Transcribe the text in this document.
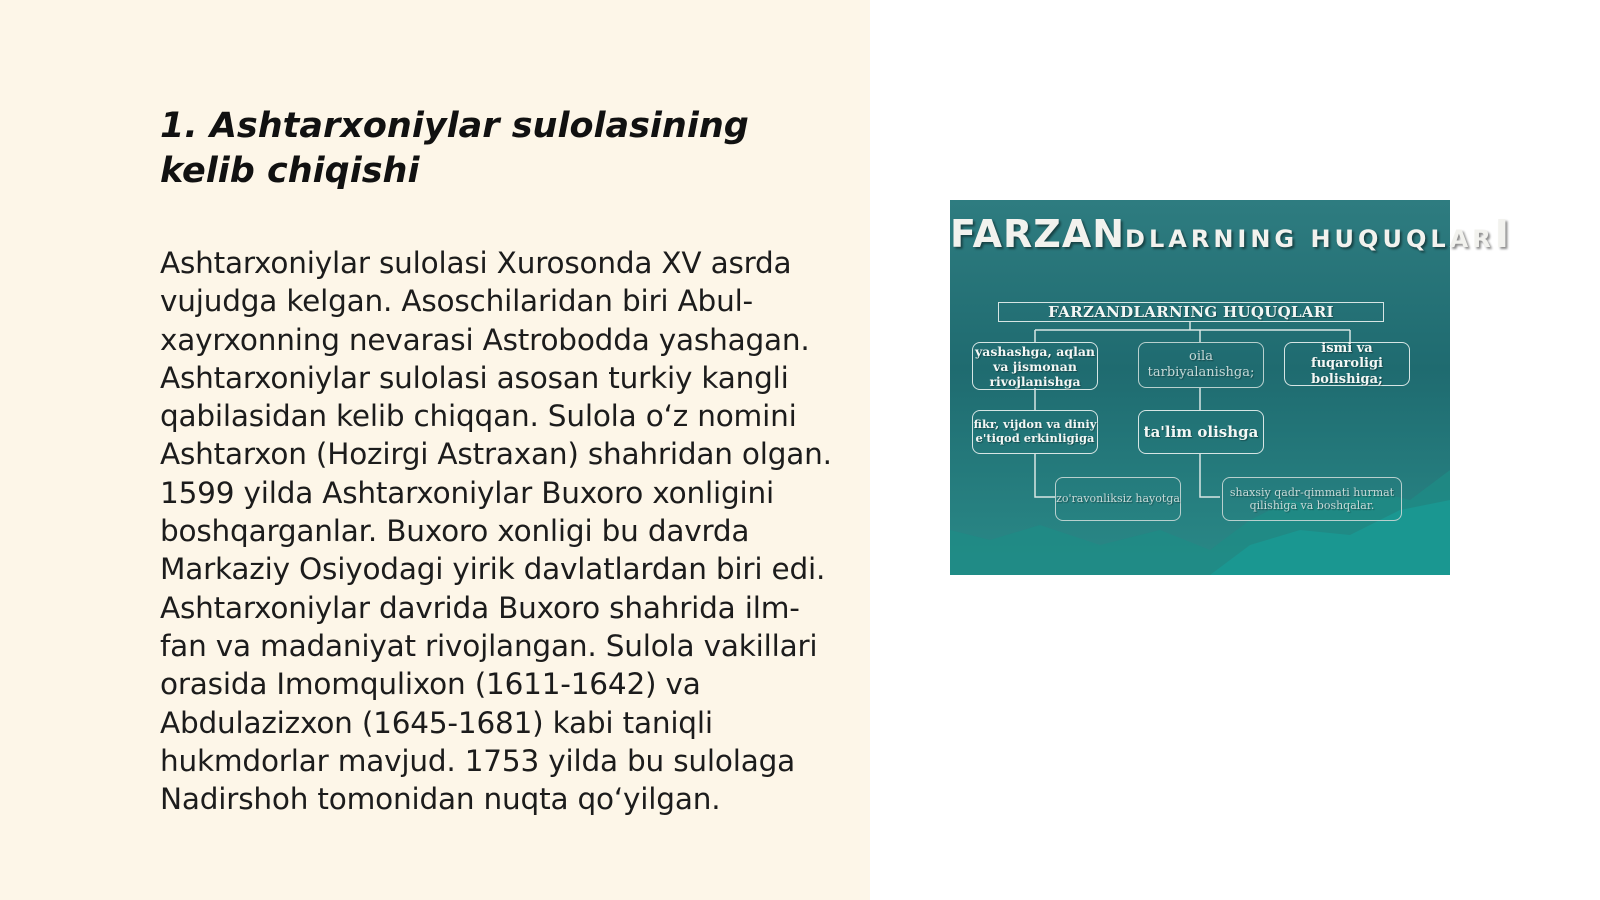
1. Ashtarxoniylar sulolasining kelib chiqishi

Ashtarxoniylar sulolasi Xurosonda XV asrda vujudga kelgan. Asoschilaridan biri Abul-xayrxonning nevarasi Astrobodda yashagan. Ashtarxoniylar sulolasi asosan turkiy kangli qabilasidan kelib chiqqan. Sulola o‘z nomini Ashtarxon (Hozirgi Astraxan) shahridan olgan. 1599 yilda Ashtarxoniylar Buxoro xonligini boshqarganlar. Buxoro xonligi bu davrda Markaziy Osiyodagi yirik davlatlardan biri edi. Ashtarxoniylar davrida Buxoro shahrida ilm-fan va madaniyat rivojlangan. Sulola vakillari orasida Imomqulixon (1611-1642) va Abdulazizxon (1645-1681) kabi taniqli hukmdorlar mavjud. 1753 yilda bu sulolaga Nadirshoh tomonidan nuqta qo‘yilgan.

FARZANDLARNING HUQUQLARI
FARZANDLARNING HUQUQLARI
yashashga, aqlan va jismonan rivojlanishga
oila tarbiyalanishga;
ismi va fuqaroligi bolishiga;
fikr, vijdon va diniy e'tiqod erkinligiga	ta'lim olishga
zo'ravonliksiz hayotga
shaxsiy qadr-qimmati hurmat qilishiga va boshqalar.
